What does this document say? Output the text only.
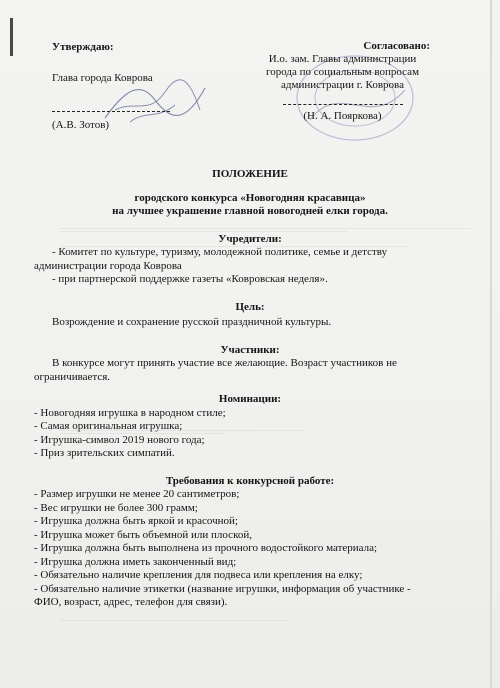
Утверждаю:
Глава города Коврова
(А.В. Зотов)
Согласовано:
И.о. зам. Главы администрации
города по социальным вопросам
администрации г. Коврова
(Н. А. Пояркова)
ПОЛОЖЕНИЕ
городского конкурса «Новогодняя красавица»
на лучшее украшение главной новогодней елки города.
Учредители:
- Комитет по культуре, туризму, молодежной политике, семье и детству
администрации города Коврова
- при партнерской поддержке газеты «Ковровская неделя».
Цель:
Возрождение и сохранение русской праздничной культуры.
Участники:
В конкурсе могут принять участие все желающие. Возраст участников не
ограничивается.
Номинации:
- Новогодняя игрушка в народном стиле;
- Самая оригинальная игрушка;
- Игрушка-символ 2019 нового года;
- Приз зрительских симпатий.
Требования к конкурсной работе:
- Размер игрушки не менее 20 сантиметров;
- Вес игрушки не более 300 грамм;
- Игрушка должна быть яркой и красочной;
- Игрушка может быть объемной или плоской,
- Игрушка должна быть выполнена из прочного водостойкого материала;
- Игрушка должна иметь законченный вид;
- Обязательно наличие крепления для подвеса или крепления на елку;
- Обязательно наличие этикетки (название игрушки, информация об участнике -
ФИО, возраст, адрес, телефон для связи).
